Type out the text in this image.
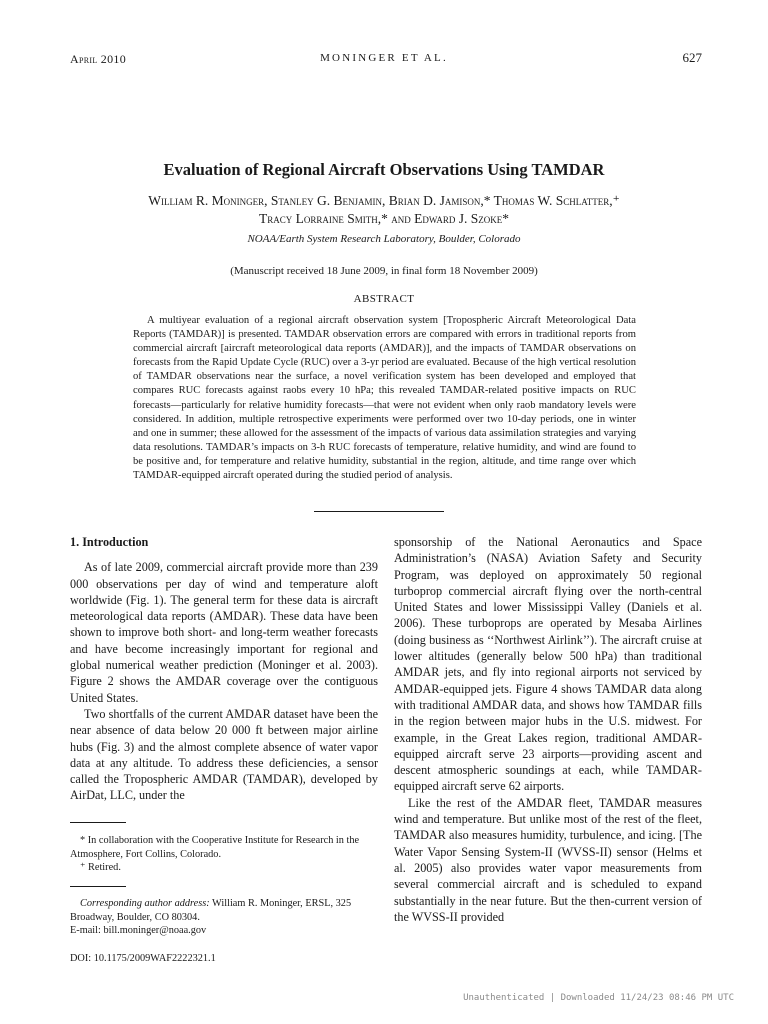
April 2010	MONINGER ET AL.	627
Evaluation of Regional Aircraft Observations Using TAMDAR
William R. Moninger, Stanley G. Benjamin, Brian D. Jamison,* Thomas W. Schlatter,⁺
Tracy Lorraine Smith,* and Edward J. Szoke*
NOAA/Earth System Research Laboratory, Boulder, Colorado
(Manuscript received 18 June 2009, in final form 18 November 2009)
ABSTRACT

A multiyear evaluation of a regional aircraft observation system [Tropospheric Aircraft Meteorological Data Reports (TAMDAR)] is presented. TAMDAR observation errors are compared with errors in traditional reports from commercial aircraft [aircraft meteorological data reports (AMDAR)], and the impacts of TAMDAR observations on forecasts from the Rapid Update Cycle (RUC) over a 3-yr period are evaluated. Because of the high vertical resolution of TAMDAR observations near the surface, a novel verification system has been developed and employed that compares RUC forecasts against raobs every 10 hPa; this revealed TAMDAR-related positive impacts on RUC forecasts—particularly for relative humidity forecasts—that were not evident when only raob mandatory levels were considered. In addition, multiple retrospective experiments were performed over two 10-day periods, one in winter and one in summer; these allowed for the assessment of the impacts of various data assimilation strategies and varying data resolutions. TAMDAR’s impacts on 3-h RUC forecasts of temperature, relative humidity, and wind are found to be positive and, for temperature and relative humidity, substantial in the region, altitude, and time range over which TAMDAR-equipped aircraft operated during the studied period of analysis.

1. Introduction

As of late 2009, commercial aircraft provide more than 239 000 observations per day of wind and temperature aloft worldwide (Fig. 1). The general term for these data is aircraft meteorological data reports (AMDAR). These data have been shown to improve both short- and long-term weather forecasts and have become increasingly important for regional and global numerical weather prediction (Moninger et al. 2003). Figure 2 shows the AMDAR coverage over the contiguous United States.

Two shortfalls of the current AMDAR dataset have been the near absence of data below 20 000 ft between major airline hubs (Fig. 3) and the almost complete absence of water vapor data at any altitude. To address these deficiencies, a sensor called the Tropospheric AMDAR (TAMDAR), developed by AirDat, LLC, under the

sponsorship of the National Aeronautics and Space Administration’s (NASA) Aviation Safety and Security Program, was deployed on approximately 50 regional turboprop commercial aircraft flying over the north-central United States and lower Mississippi Valley (Daniels et al. 2006). These turboprops are operated by Mesaba Airlines (doing business as ‘‘Northwest Airlink’’). The aircraft cruise at lower altitudes (generally below 500 hPa) than traditional AMDAR jets, and fly into regional airports not serviced by AMDAR-equipped jets. Figure 4 shows TAMDAR data along with traditional AMDAR data, and shows how TAMDAR fills in the region between major hubs in the U.S. midwest. For example, in the Great Lakes region, traditional AMDAR-equipped aircraft serve 23 airports—providing ascent and descent atmospheric soundings at each, while TAMDAR-equipped aircraft serve 62 airports.

Like the rest of the AMDAR fleet, TAMDAR measures wind and temperature. But unlike most of the rest of the fleet, TAMDAR also measures humidity, turbulence, and icing. [The Water Vapor Sensing System-II (WVSS-II) sensor (Helms et al. 2005) also provides water vapor measurements from several commercial aircraft and is scheduled to expand substantially in the near future. But the then-current version of the WVSS-II provided

* In collaboration with the Cooperative Institute for Research in the Atmosphere, Fort Collins, Colorado.

⁺ Retired.

Corresponding author address: William R. Moninger, ERSL, 325 Broadway, Boulder, CO 80304.

E-mail: bill.moninger@noaa.gov

DOI: 10.1175/2009WAF2222321.1
Unauthenticated | Downloaded 11/24/23 08:46 PM UTC
